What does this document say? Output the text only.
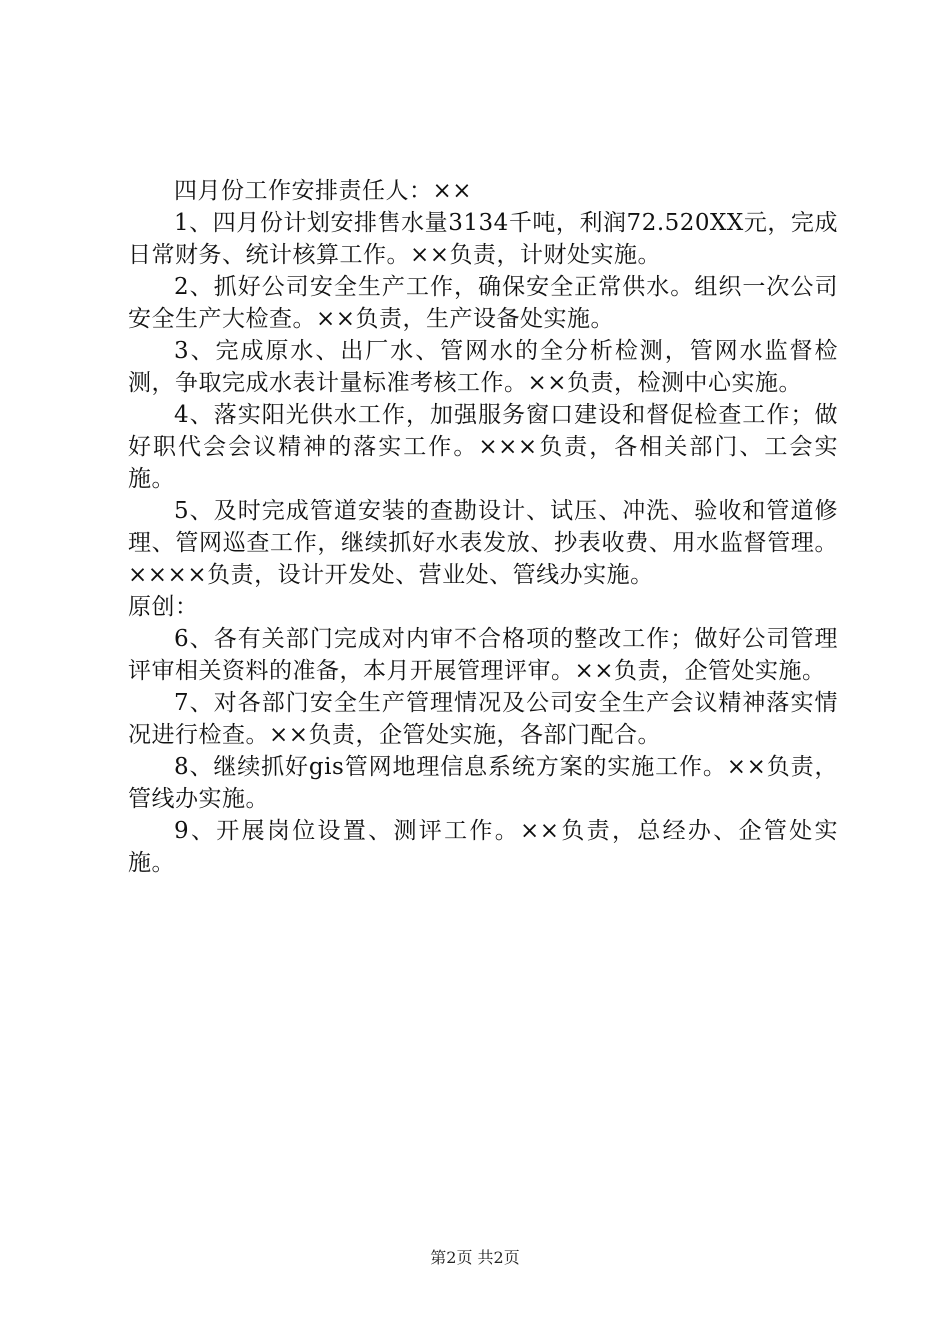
四月份工作安排责任人：××

1、四月份计划安排售水量3134千吨，利润72.520XX元，完成日常财务、统计核算工作。××负责，计财处实施。

2、抓好公司安全生产工作，确保安全正常供水。组织一次公司安全生产大检查。××负责，生产设备处实施。

3、完成原水、出厂水、管网水的全分析检测，管网水监督检测，争取完成水表计量标准考核工作。××负责，检测中心实施。

4、落实阳光供水工作，加强服务窗口建设和督促检查工作；做好职代会会议精神的落实工作。×××负责，各相关部门、工会实施。

5、及时完成管道安装的查勘设计、试压、冲洗、验收和管道修理、管网巡查工作，继续抓好水表发放、抄表收费、用水监督管理。××××负责，设计开发处、营业处、管线办实施。

原创：

6、各有关部门完成对内审不合格项的整改工作；做好公司管理评审相关资料的准备，本月开展管理评审。××负责，企管处实施。

7、对各部门安全生产管理情况及公司安全生产会议精神落实情况进行检查。××负责，企管处实施，各部门配合。

8、继续抓好gis管网地理信息系统方案的实施工作。××负责，管线办实施。

9、开展岗位设置、测评工作。××负责，总经办、企管处实施。

第2页 共2页
